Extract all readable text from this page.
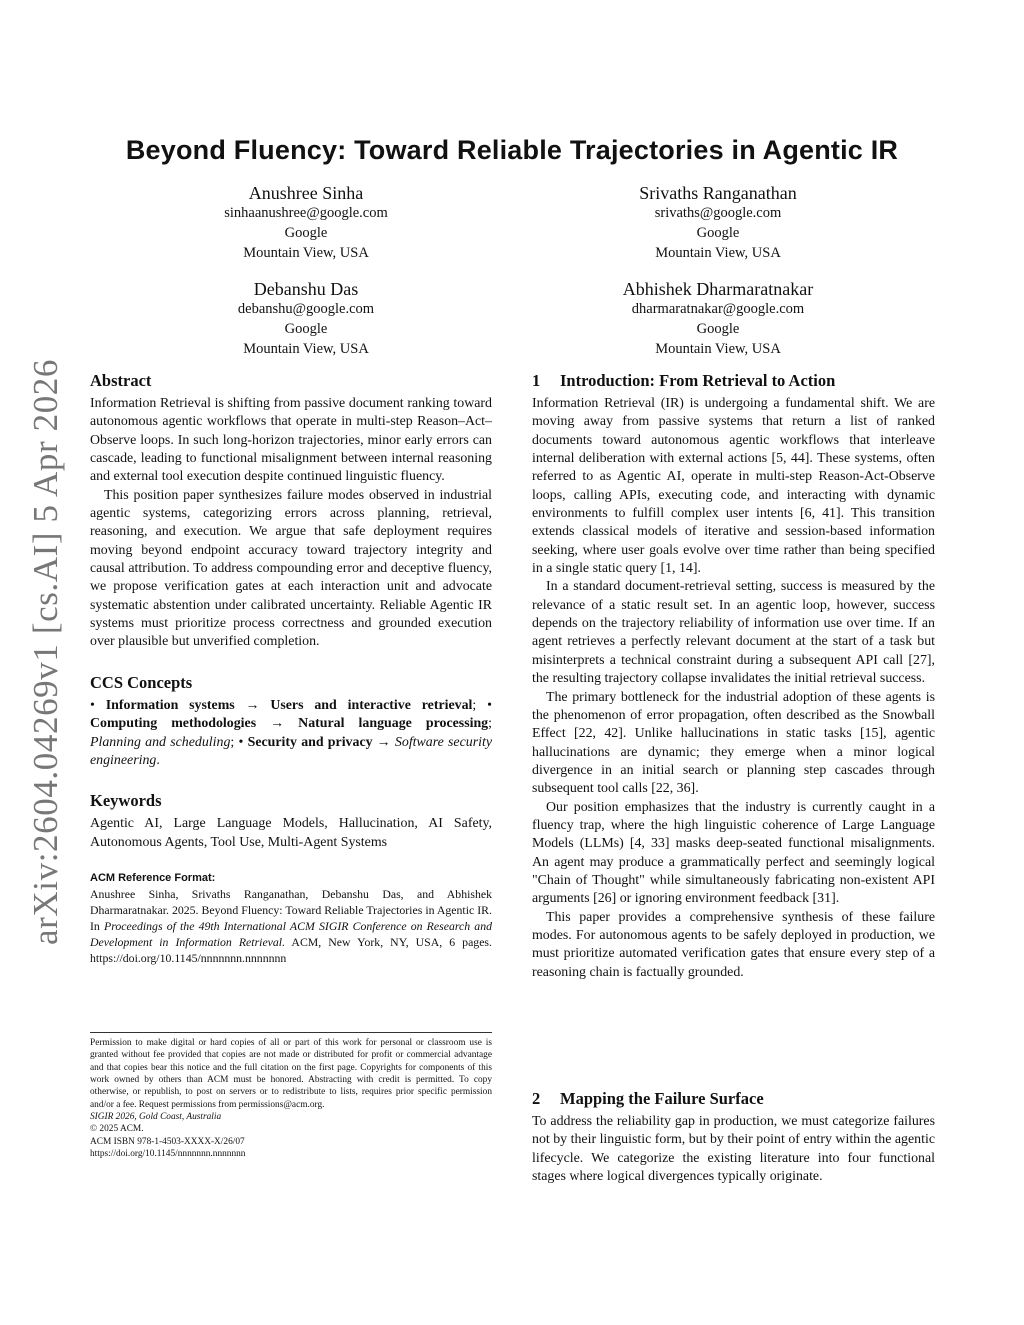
arXiv:2604.04269v1 [cs.AI] 5 Apr 2026
Beyond Fluency: Toward Reliable Trajectories in Agentic IR
Anushree Sinha
sinhaanushree@google.com
Google
Mountain View, USA
Srivaths Ranganathan
srivaths@google.com
Google
Mountain View, USA
Debanshu Das
debanshu@google.com
Google
Mountain View, USA
Abhishek Dharmaratnakar
dharmaratnakar@google.com
Google
Mountain View, USA
Abstract

Information Retrieval is shifting from passive document ranking toward autonomous agentic workflows that operate in multi-step Reason–Act–Observe loops. In such long-horizon trajectories, minor early errors can cascade, leading to functional misalignment between internal reasoning and external tool execution despite continued linguistic fluency.

This position paper synthesizes failure modes observed in industrial agentic systems, categorizing errors across planning, retrieval, reasoning, and execution. We argue that safe deployment requires moving beyond endpoint accuracy toward trajectory integrity and causal attribution. To address compounding error and deceptive fluency, we propose verification gates at each interaction unit and advocate systematic abstention under calibrated uncertainty. Reliable Agentic IR systems must prioritize process correctness and grounded execution over plausible but unverified completion.

CCS Concepts

• Information systems → Users and interactive retrieval; • Computing methodologies → Natural language processing; Planning and scheduling; • Security and privacy → Software security engineering.

Keywords

Agentic AI, Large Language Models, Hallucination, AI Safety, Autonomous Agents, Tool Use, Multi-Agent Systems

ACM Reference Format:

Anushree Sinha, Srivaths Ranganathan, Debanshu Das, and Abhishek Dharmaratnakar. 2025. Beyond Fluency: Toward Reliable Trajectories in Agentic IR. In Proceedings of the 49th International ACM SIGIR Conference on Research and Development in Information Retrieval. ACM, New York, NY, USA, 6 pages. https://doi.org/10.1145/nnnnnnn.nnnnnnn

Permission to make digital or hard copies of all or part of this work for personal or classroom use is granted without fee provided that copies are not made or distributed for profit or commercial advantage and that copies bear this notice and the full citation on the first page. Copyrights for components of this work owned by others than ACM must be honored. Abstracting with credit is permitted. To copy otherwise, or republish, to post on servers or to redistribute to lists, requires prior specific permission and/or a fee. Request permissions from permissions@acm.org.

SIGIR 2026, Gold Coast, Australia
© 2025 ACM.
ACM ISBN 978-1-4503-XXXX-X/26/07
https://doi.org/10.1145/nnnnnnn.nnnnnnn
1 Introduction: From Retrieval to Action

Information Retrieval (IR) is undergoing a fundamental shift. We are moving away from passive systems that return a list of ranked documents toward autonomous agentic workflows that interleave internal deliberation with external actions [5, 44]. These systems, often referred to as Agentic AI, operate in multi-step Reason-Act-Observe loops, calling APIs, executing code, and interacting with dynamic environments to fulfill complex user intents [6, 41]. This transition extends classical models of iterative and session-based information seeking, where user goals evolve over time rather than being specified in a single static query [1, 14].

In a standard document-retrieval setting, success is measured by the relevance of a static result set. In an agentic loop, however, success depends on the trajectory reliability of information use over time. If an agent retrieves a perfectly relevant document at the start of a task but misinterprets a technical constraint during a subsequent API call [27], the resulting trajectory collapse invalidates the initial retrieval success.

The primary bottleneck for the industrial adoption of these agents is the phenomenon of error propagation, often described as the Snowball Effect [22, 42]. Unlike hallucinations in static tasks [15], agentic hallucinations are dynamic; they emerge when a minor logical divergence in an initial search or planning step cascades through subsequent tool calls [22, 36].

Our position emphasizes that the industry is currently caught in a fluency trap, where the high linguistic coherence of Large Language Models (LLMs) [4, 33] masks deep-seated functional misalignments. An agent may produce a grammatically perfect and seemingly logical "Chain of Thought" while simultaneously fabricating non-existent API arguments [26] or ignoring environment feedback [31].

This paper provides a comprehensive synthesis of these failure modes. For autonomous agents to be safely deployed in production, we must prioritize automated verification gates that ensure every step of a reasoning chain is factually grounded.

2 Mapping the Failure Surface

To address the reliability gap in production, we must categorize failures not by their linguistic form, but by their point of entry within the agentic lifecycle. We categorize the existing literature into four functional stages where logical divergences typically originate.
